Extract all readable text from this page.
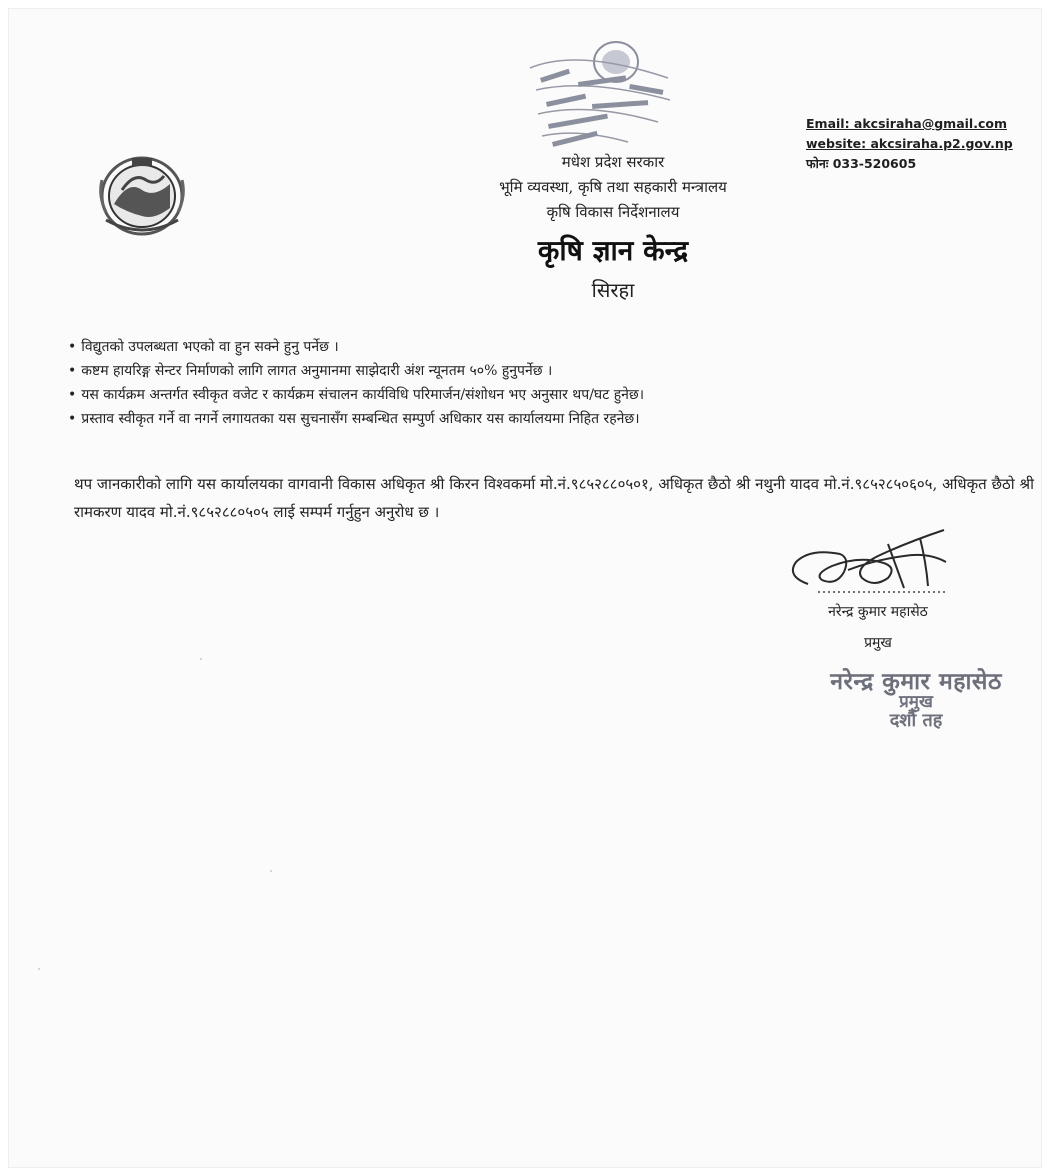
Email: akcsiraha@gmail.com
website: akcsiraha.p2.gov.np
फोनः 033-520605
मधेश प्रदेश सरकार
भूमि व्यवस्था, कृषि तथा सहकारी मन्त्रालय
कृषि विकास निर्देशनालय
कृषि ज्ञान केन्द्र
सिरहा
• विद्युतको उपलब्धता भएको वा हुन सक्ने हुनु पर्नेछ ।
• कष्टम हायरिङ्ग सेन्टर निर्माणको लागि लागत अनुमानमा साझेदारी अंश न्यूनतम ५०% हुनुपर्नेछ ।
• यस कार्यक्रम अन्तर्गत स्वीकृत वजेट र कार्यक्रम संचालन कार्यविधि परिमार्जन/संशोधन भए अनुसार थप/घट हुनेछ।
• प्रस्ताव स्वीकृत गर्ने वा नगर्ने लगायतका यस सुचनासँग सम्बन्धित सम्पुर्ण अधिकार यस कार्यालयमा निहित रहनेछ।
थप जानकारीको लागि यस कार्यालयका वागवानी विकास अधिकृत श्री किरन विश्वकर्मा मो.नं.९८५२८८०५०१, अधिकृत छैठो श्री नथुनी यादव मो.नं.९८५२८५०६०५, अधिकृत छैठो श्री रामकरण यादव मो.नं.९८५२८८०५०५ लाई सम्पर्म गर्नुहुन अनुरोध छ ।
नरेन्द्र कुमार महासेठ
प्रमुख
नरेन्द्र कुमार महासेठ
प्रमुख
दशौं तह
